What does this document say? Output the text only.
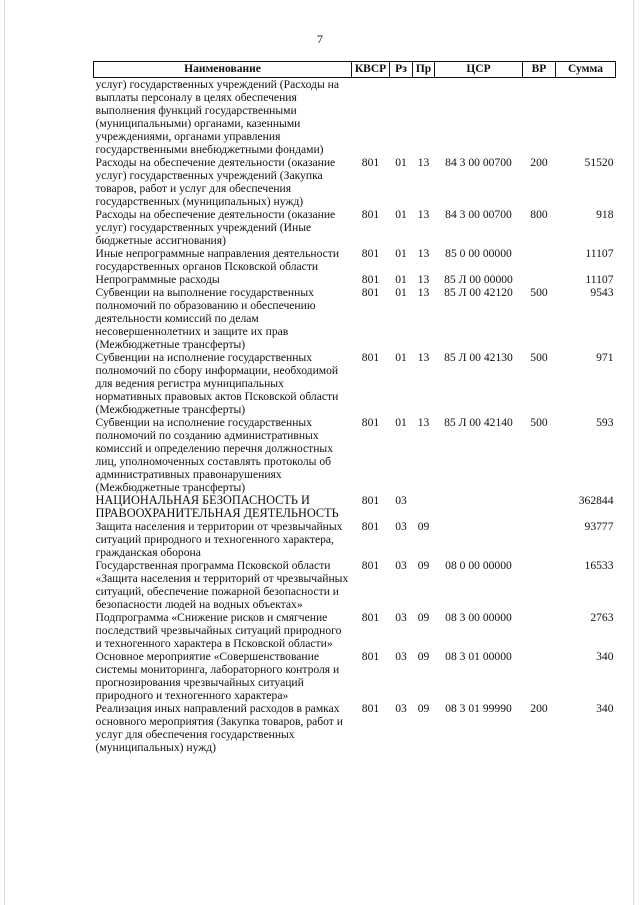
7
Наименование	КВСР	Рз	Пр	ЦСР	ВР	Сумма
услуг) государственных учреждений (Расходы на выплаты персоналу в целях обеспечения выполнения функций государственными (муниципальными) органами, казенными учреждениями, органами управления государственными внебюджетными фондами)						
Расходы на обеспечение деятельности (оказание услуг) государственных учреждений (Закупка товаров, работ и услуг для обеспечения государственных (муниципальных) нужд)	801	01	13	84 3 00 00700	200	51520
Расходы на обеспечение деятельности (оказание услуг) государственных учреждений (Иные бюджетные ассигнования)	801	01	13	84 3 00 00700	800	918
Иные непрограммные направления деятельности государственных органов Псковской области	801	01	13	85 0 00 00000		11107
Непрограммные расходы	801	01	13	85 Л 00 00000		11107
Субвенции на выполнение государственных полномочий по образованию и обеспечению деятельности комиссий по делам несовершеннолетних и защите их прав (Межбюджетные трансферты)	801	01	13	85 Л 00 42120	500	9543
Субвенции на исполнение государственных полномочий по сбору информации, необходимой для ведения регистра муниципальных нормативных правовых актов Псковской области (Межбюджетные трансферты)	801	01	13	85 Л 00 42130	500	971
Субвенции на исполнение государственных полномочий по созданию административных комиссий и определению перечня должностных лиц, уполномоченных составлять протоколы об административных правонарушениях (Межбюджетные трансферты)	801	01	13	85 Л 00 42140	500	593
НАЦИОНАЛЬНАЯ БЕЗОПАСНОСТЬ И ПРАВООХРАНИТЕЛЬНАЯ ДЕЯТЕЛЬНОСТЬ	801	03				362844
Защита населения и территории от чрезвычайных ситуаций природного и техногенного характера, гражданская оборона	801	03	09			93777
Государственная программа Псковской области «Защита населения и территорий от чрезвычайных ситуаций, обеспечение пожарной безопасности и безопасности людей на водных объектах»	801	03	09	08 0 00 00000		16533
Подпрограмма «Снижение рисков и смягчение последствий чрезвычайных ситуаций природного и техногенного характера в Псковской области»	801	03	09	08 3 00 00000		2763
Основное мероприятие «Совершенствование системы мониторинга, лабораторного контроля и прогнозирования чрезвычайных ситуаций природного и техногенного характера»	801	03	09	08 3 01 00000		340
Реализация иных направлений расходов в рамках основного мероприятия (Закупка товаров, работ и услуг для обеспечения государственных (муниципальных) нужд)	801	03	09	08 3 01 99990	200	340
